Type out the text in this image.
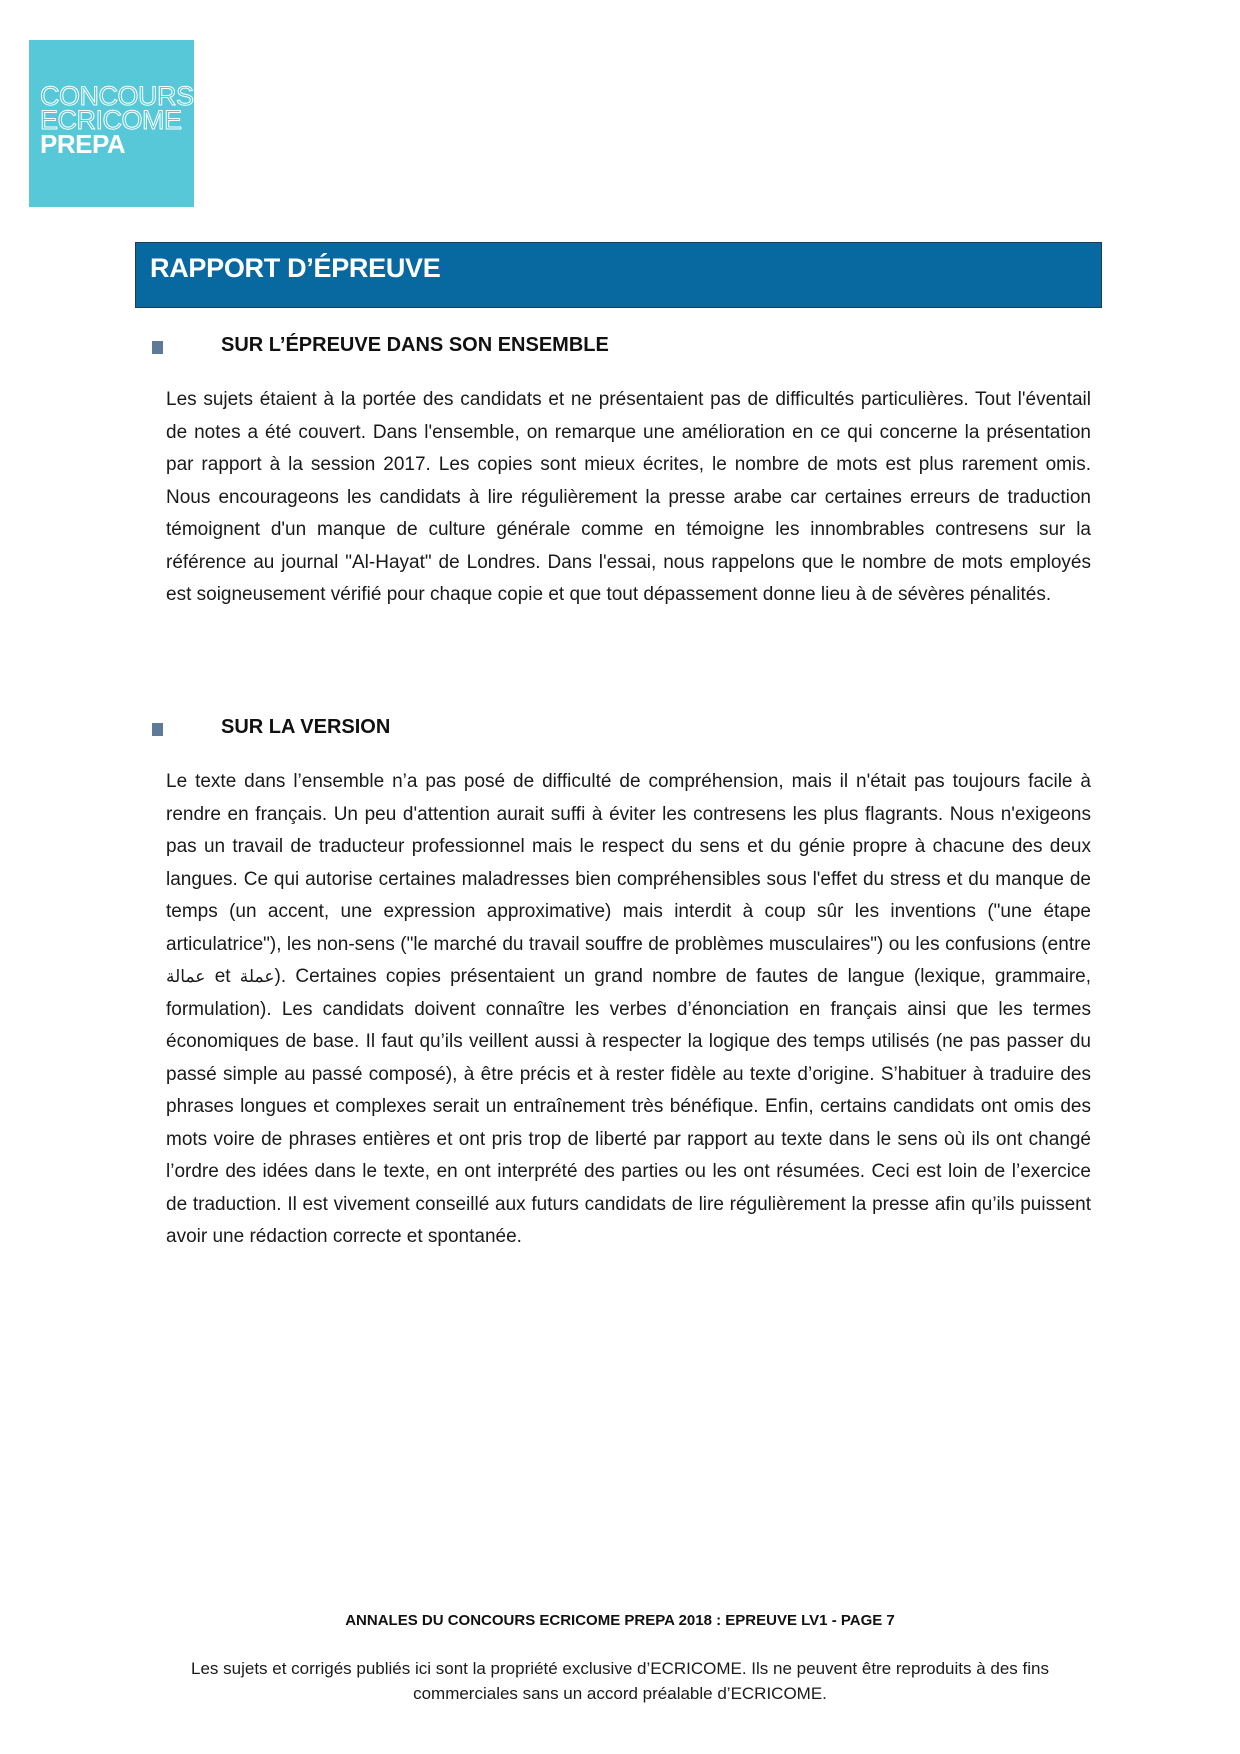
CONCOURS
ECRICOME
PREPA
RAPPORT D’ÉPREUVE
SUR L’ÉPREUVE DANS SON ENSEMBLE

Les sujets étaient à la portée des candidats et ne présentaient pas de difficultés particulières. Tout l'éventail de notes a été couvert. Dans l'ensemble, on remarque une amélioration en ce qui concerne la présentation par rapport à la session 2017. Les copies sont mieux écrites, le nombre de mots est plus rarement omis. Nous encourageons les candidats à lire régulièrement la presse arabe car certaines erreurs de traduction témoignent d'un manque de culture générale comme en témoigne les innombrables contresens sur la référence au journal "Al-Hayat" de Londres. Dans l'essai, nous rappelons que le nombre de mots employés est soigneusement vérifié pour chaque copie et que tout dépassement donne lieu à de sévères pénalités.

SUR LA VERSION

Le texte dans l’ensemble n’a pas posé de difficulté de compréhension, mais il n'était pas toujours facile à rendre en français. Un peu d'attention aurait suffi à éviter les contresens les plus flagrants. Nous n'exigeons pas un travail de traducteur professionnel mais le respect du sens et du génie propre à chacune des deux langues. Ce qui autorise certaines maladresses bien compréhensibles sous l'effet du stress et du manque de temps (un accent, une expression approximative) mais interdit à coup sûr les inventions ("une étape articulatrice"), les non-sens ("le marché du travail souffre de problèmes musculaires") ou les confusions (entre عمالة et عملة). Certaines copies présentaient un grand nombre de fautes de langue (lexique, grammaire, formulation). Les candidats doivent connaître les verbes d’énonciation en français ainsi que les termes économiques de base. Il faut qu’ils veillent aussi à respecter la logique des temps utilisés (ne pas passer du passé simple au passé composé), à être précis et à rester fidèle au texte d’origine. S’habituer à traduire des phrases longues et complexes serait un entraînement très bénéfique. Enfin, certains candidats ont omis des mots voire de phrases entières et ont pris trop de liberté par rapport au texte dans le sens où ils ont changé l’ordre des idées dans le texte, en ont interprété des parties ou les ont résumées. Ceci est loin de l’exercice de traduction. Il est vivement conseillé aux futurs candidats de lire régulièrement la presse afin qu’ils puissent avoir une rédaction correcte et spontanée.

ANNALES DU CONCOURS ECRICOME PREPA 2018 : EPREUVE LV1 - PAGE 7
Les sujets et corrigés publiés ici sont la propriété exclusive d’ECRICOME. Ils ne peuvent être reproduits à des fins commerciales sans un accord préalable d’ECRICOME.
